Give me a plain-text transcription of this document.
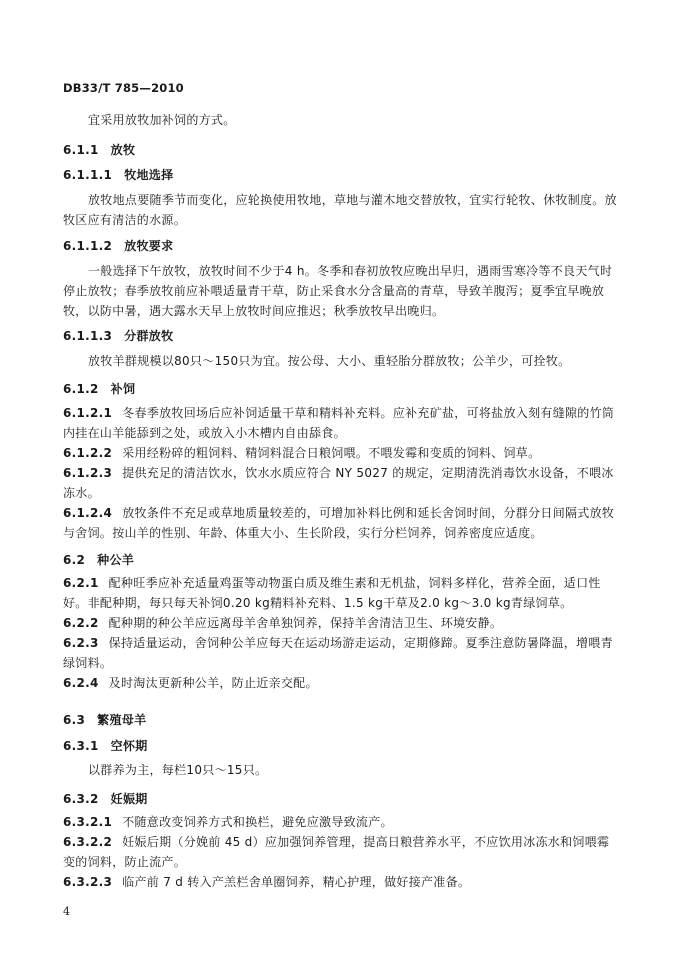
DB33/T 785—2010
宜采用放牧加补饲的方式。
6.1.1 放牧
6.1.1.1 牧地选择
放牧地点要随季节而变化，应轮换使用牧地，草地与灌木地交替放牧，宜实行轮牧、休牧制度。放牧区应有清洁的水源。
6.1.1.2 放牧要求
一般选择下午放牧，放牧时间不少于4 h。冬季和春初放牧应晚出早归，遇雨雪寒冷等不良天气时停止放牧；春季放牧前应补喂适量青干草，防止采食水分含量高的青草，导致羊腹泻；夏季宜早晚放牧，以防中暑，遇大露水天早上放牧时间应推迟；秋季放牧早出晚归。
6.1.1.3 分群放牧
放牧羊群规模以80只～150只为宜。按公母、大小、重轻胎分群放牧；公羊少，可拴牧。
6.1.2 补饲
6.1.2.1 冬春季放牧回场后应补饲适量干草和精料补充料。应补充矿盐，可将盐放入刻有缝隙的竹筒内挂在山羊能舔到之处，或放入小木槽内自由舔食。
6.1.2.2 采用经粉碎的粗饲料、精饲料混合日粮饲喂。不喂发霉和变质的饲料、饲草。
6.1.2.3 提供充足的清洁饮水，饮水水质应符合 NY 5027 的规定，定期清洗消毒饮水设备，不喂冰冻水。
6.1.2.4 放牧条件不充足或草地质量较差的，可增加补料比例和延长舍饲时间，分群分日间隔式放牧与舍饲。按山羊的性别、年龄、体重大小、生长阶段，实行分栏饲养，饲养密度应适度。
6.2 种公羊
6.2.1 配种旺季应补充适量鸡蛋等动物蛋白质及维生素和无机盐，饲料多样化，营养全面，适口性好。非配种期，每只每天补饲0.20 kg精料补充料、1.5 kg干草及2.0 kg～3.0 kg青绿饲草。
6.2.2 配种期的种公羊应远离母羊舍单独饲养，保持羊舍清洁卫生、环境安静。
6.2.3 保持适量运动，舍饲种公羊应每天在运动场游走运动，定期修蹄。夏季注意防暑降温，增喂青绿饲料。
6.2.4 及时淘汰更新种公羊，防止近亲交配。
6.3 繁殖母羊
6.3.1 空怀期
以群养为主，每栏10只～15只。
6.3.2 妊娠期
6.3.2.1 不随意改变饲养方式和换栏，避免应激导致流产。
6.3.2.2 妊娠后期（分娩前 45 d）应加强饲养管理，提高日粮营养水平，不应饮用冰冻水和饲喂霉变的饲料，防止流产。
6.3.2.3 临产前 7 d 转入产羔栏舍单圈饲养，精心护理，做好接产准备。
4
